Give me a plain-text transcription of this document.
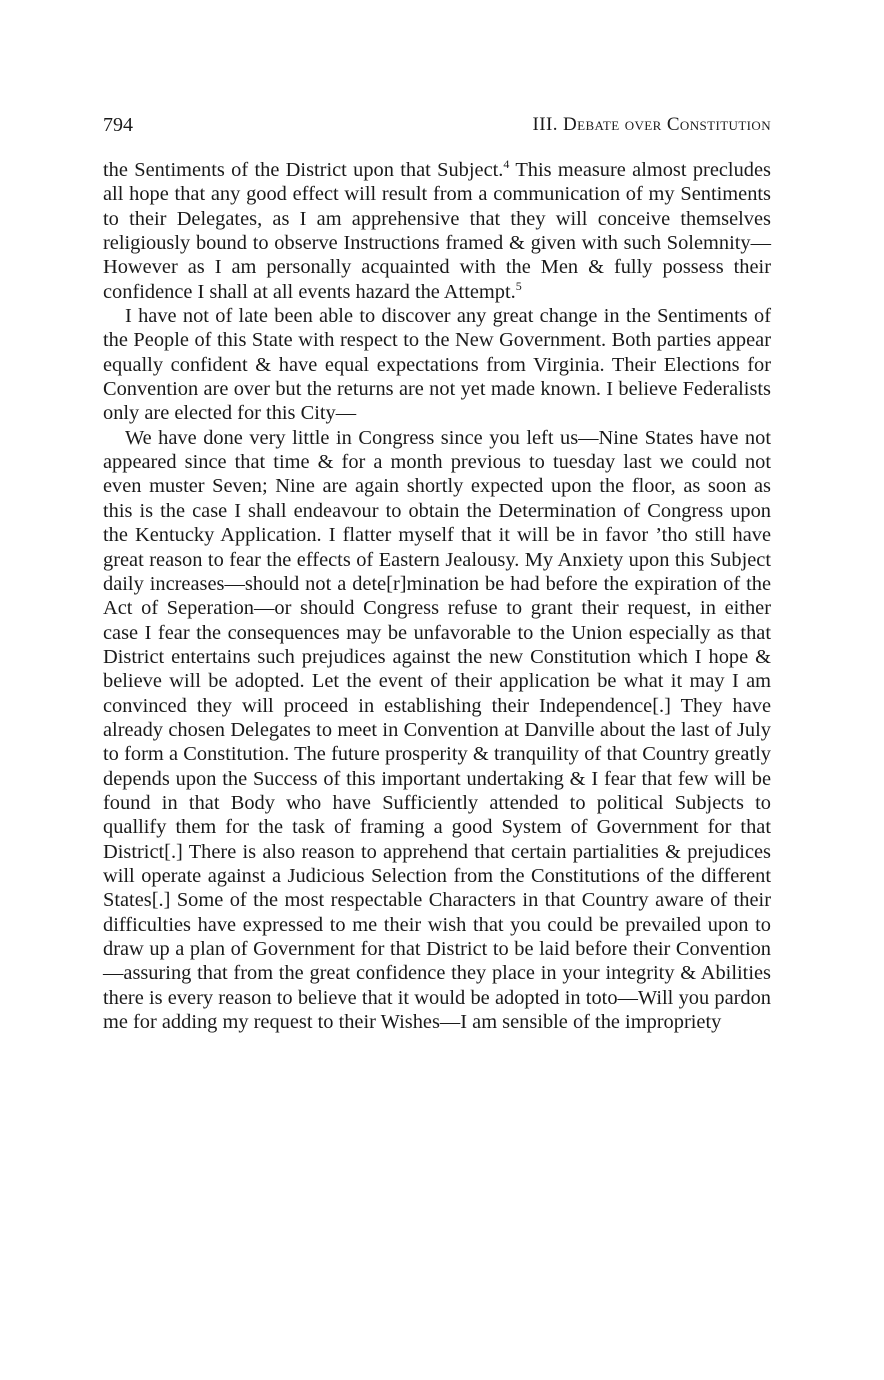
794	III. Debate over Constitution

the Sentiments of the District upon that Subject.$^4$ This measure almost precludes all hope that any good effect will result from a communication of my Sentiments to their Delegates, as I am apprehensive that they will conceive themselves religiously bound to observe Instructions framed & given with such Solemnity—However as I am personally acquainted with the Men & fully possess their confidence I shall at all events hazard the Attempt.$^5$

I have not of late been able to discover any great change in the Sentiments of the People of this State with respect to the New Government. Both parties appear equally confident & have equal expectations from Virginia. Their Elections for Convention are over but the returns are not yet made known. I believe Federalists only are elected for this City—

We have done very little in Congress since you left us—Nine States have not appeared since that time & for a month previous to tuesday last we could not even muster Seven; Nine are again shortly expected upon the floor, as soon as this is the case I shall endeavour to obtain the Determination of Congress upon the Kentucky Application. I flatter myself that it will be in favor ’tho still have great reason to fear the effects of Eastern Jealousy. My Anxiety upon this Subject daily increases—should not a dete[r]mination be had before the expiration of the Act of Seperation—or should Congress refuse to grant their request, in either case I fear the consequences may be unfavorable to the Union especially as that District entertains such prejudices against the new Constitution which I hope & believe will be adopted. Let the event of their application be what it may I am convinced they will proceed in establishing their Independence[.] They have already chosen Delegates to meet in Convention at Danville about the last of July to form a Constitution. The future prosperity & tranquility of that Country greatly depends upon the Success of this important undertaking & I fear that few will be found in that Body who have Sufficiently attended to political Subjects to quallify them for the task of framing a good System of Government for that District[.] There is also reason to apprehend that certain partialities & prejudices will operate against a Judicious Selection from the Constitutions of the different States[.] Some of the most respectable Characters in that Country aware of their difficulties have expressed to me their wish that you could be prevailed upon to draw up a plan of Government for that District to be laid before their Convention—assuring that from the great confidence they place in your integrity & Abilities there is every reason to believe that it would be adopted in toto—Will you pardon me for adding my request to their Wishes—I am sensible of the impropriety
